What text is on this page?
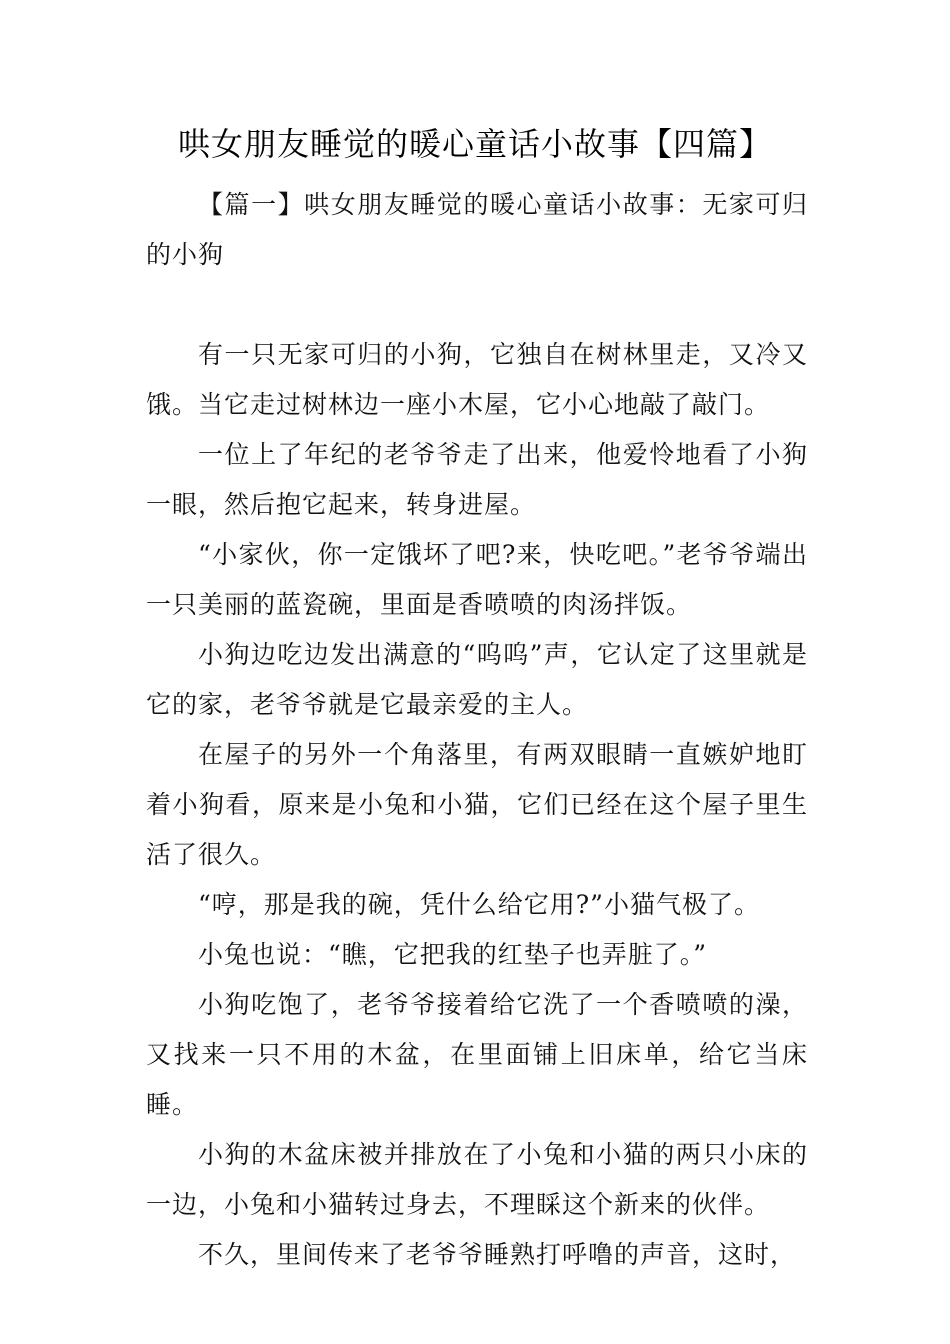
哄女朋友睡觉的暖心童话小故事【四篇】

【篇一】哄女朋友睡觉的暖心童话小故事：无家可归的小狗

有一只无家可归的小狗，它独自在树林里走，又冷又饿。当它走过树林边一座小木屋，它小心地敲了敲门。

一位上了年纪的老爷爷走了出来，他爱怜地看了小狗一眼，然后抱它起来，转身进屋。

“小家伙，你一定饿坏了吧?来，快吃吧。”老爷爷端出一只美丽的蓝瓷碗，里面是香喷喷的肉汤拌饭。

小狗边吃边发出满意的“呜呜”声，它认定了这里就是它的家，老爷爷就是它最亲爱的主人。

在屋子的另外一个角落里，有两双眼睛一直嫉妒地盯着小狗看，原来是小兔和小猫，它们已经在这个屋子里生活了很久。

“哼，那是我的碗，凭什么给它用?”小猫气极了。

小兔也说：“瞧，它把我的红垫子也弄脏了。”

小狗吃饱了，老爷爷接着给它洗了一个香喷喷的澡，又找来一只不用的木盆，在里面铺上旧床单，给它当床睡。

小狗的木盆床被并排放在了小兔和小猫的两只小床的一边，小兔和小猫转过身去，不理睬这个新来的伙伴。

不久，里间传来了老爷爷睡熟打呼噜的声音，这时，
